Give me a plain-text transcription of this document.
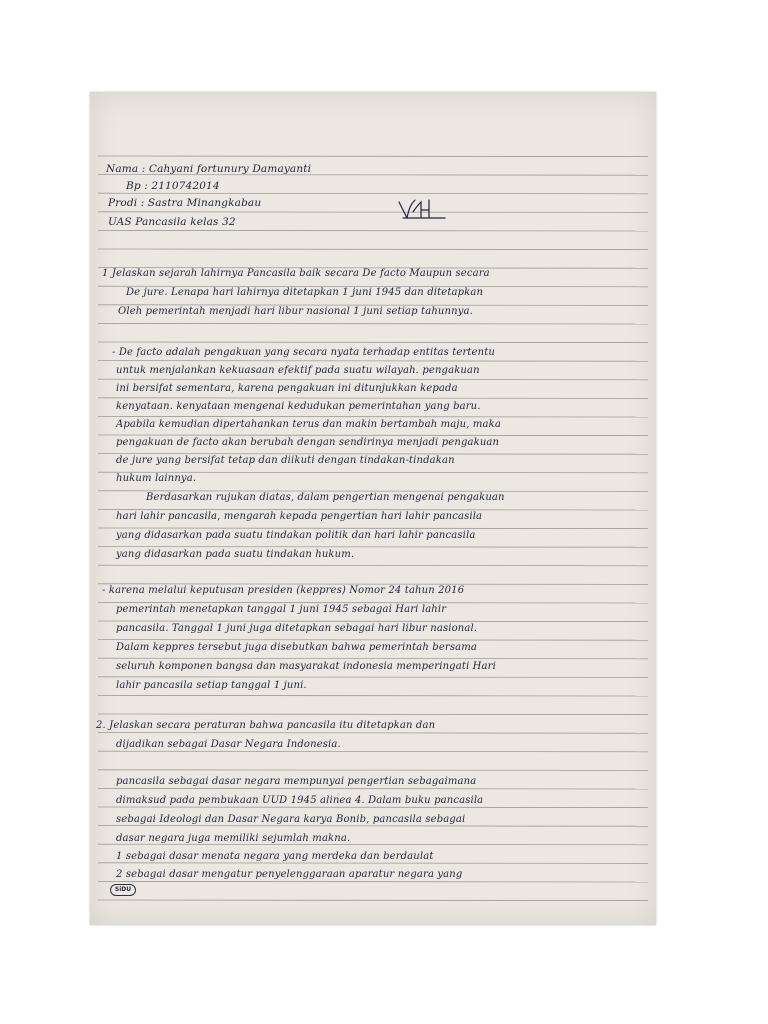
Nama : Cahyani fortunury Damayanti
Bp : 2110742014
Prodi : Sastra Minangkabau
UAS Pancasila kelas 32
1 Jelaskan sejarah lahirnya Pancasila baik secara De facto Maupun secara
De jure. Lenapa hari lahirnya ditetapkan 1 juni 1945 dan ditetapkan
Oleh pemerintah menjadi hari libur nasional 1 juni setiap tahunnya.
- De facto adalah pengakuan yang secara nyata terhadap entitas tertentu
untuk menjalankan kekuasaan efektif pada suatu wilayah. pengakuan
ini bersifat sementara, karena pengakuan ini ditunjukkan kepada
kenyataan. kenyataan mengenai kedudukan pemerintahan yang baru.
Apabila kemudian dipertahankan terus dan makin bertambah maju, maka
pengakuan de facto akan berubah dengan sendirinya menjadi pengakuan
de jure yang bersifat tetap dan diikuti dengan tindakan-tindakan
hukum lainnya.
Berdasarkan rujukan diatas, dalam pengertian mengenai pengakuan
hari lahir pancasila, mengarah kepada pengertian hari lahir pancasila
yang didasarkan pada suatu tindakan politik dan hari lahir pancasila
yang didasarkan pada suatu tindakan hukum.
- karena melalui keputusan presiden (keppres) Nomor 24 tahun 2016
pemerintah menetapkan tanggal 1 juni 1945 sebagai Hari lahir
pancasila. Tanggal 1 juni juga ditetapkan sebagai hari libur nasional.
Dalam keppres tersebut juga disebutkan bahwa pemerintah bersama
seluruh komponen bangsa dan masyarakat indonesia memperingati Hari
lahir pancasila setiap tanggal 1 juni.
2. Jelaskan secara peraturan bahwa pancasila itu ditetapkan dan
dijadikan sebagai Dasar Negara Indonesia.
pancasila sebagai dasar negara mempunyai pengertian sebagaimana
dimaksud pada pembukaan UUD 1945 alinea 4. Dalam buku pancasila
sebagai Ideologi dan Dasar Negara karya Bonib, pancasila sebagai
dasar negara juga memiliki sejumlah makna.
1 sebagai dasar menata negara yang merdeka dan berdaulat
2 sebagai dasar mengatur penyelenggaraan aparatur negara yang
SiDU
